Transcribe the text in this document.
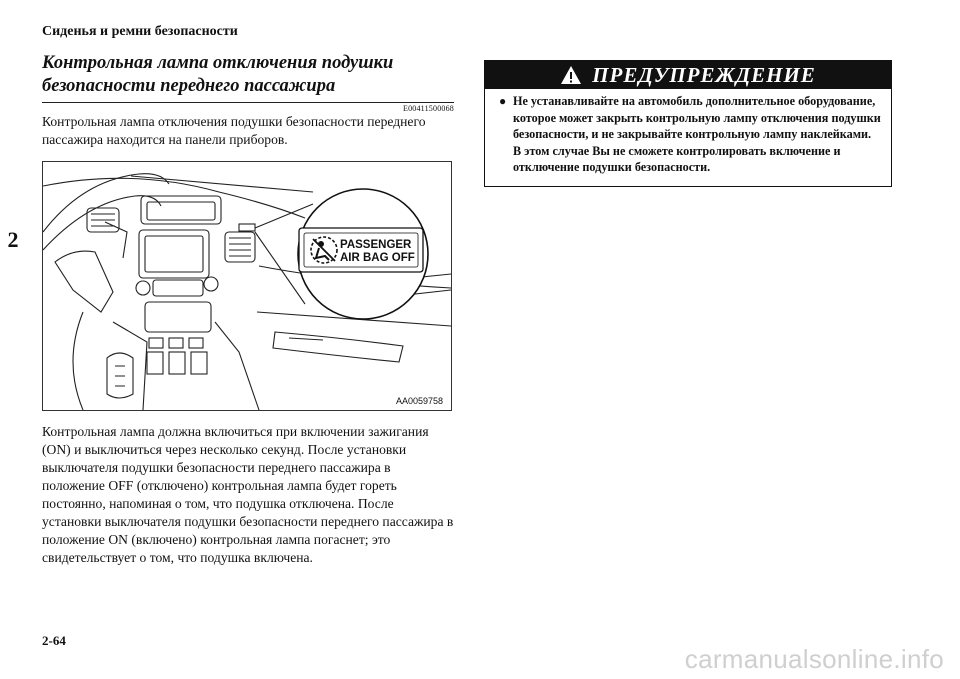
Сиденья и ремни безопасности
2
Контрольная лампа отключения подушки безопасности переднего пассажира
E00411500068

Контрольная лампа отключения подушки безопасности переднего пассажира находится на панели приборов.

PASSENGER
AIR BAG OFF
AA0059758

Контрольная лампа должна включиться при включении зажигания (ON) и выключиться через несколько секунд. После установки выключателя подушки безопасности переднего пассажира в положение OFF (отключено) контрольная лампа будет гореть постоянно, напоминая о том, что подушка отключена. После установки выключателя подушки безопасности переднего пассажира в положение ON (включено) контрольная лампа погаснет; это свидетельствует о том, что подушка включена.

ПРЕДУПРЕЖДЕНИЕ
● Не устанавливайте на автомобиль дополнительное оборудование, которое может закрыть контрольную лампу отключения подушки безопасности, и не закрывайте контрольную лампу наклейками. В этом случае Вы не сможете контролировать включение и отключение подушки безопасности.
2-64
carmanualsonline.info
